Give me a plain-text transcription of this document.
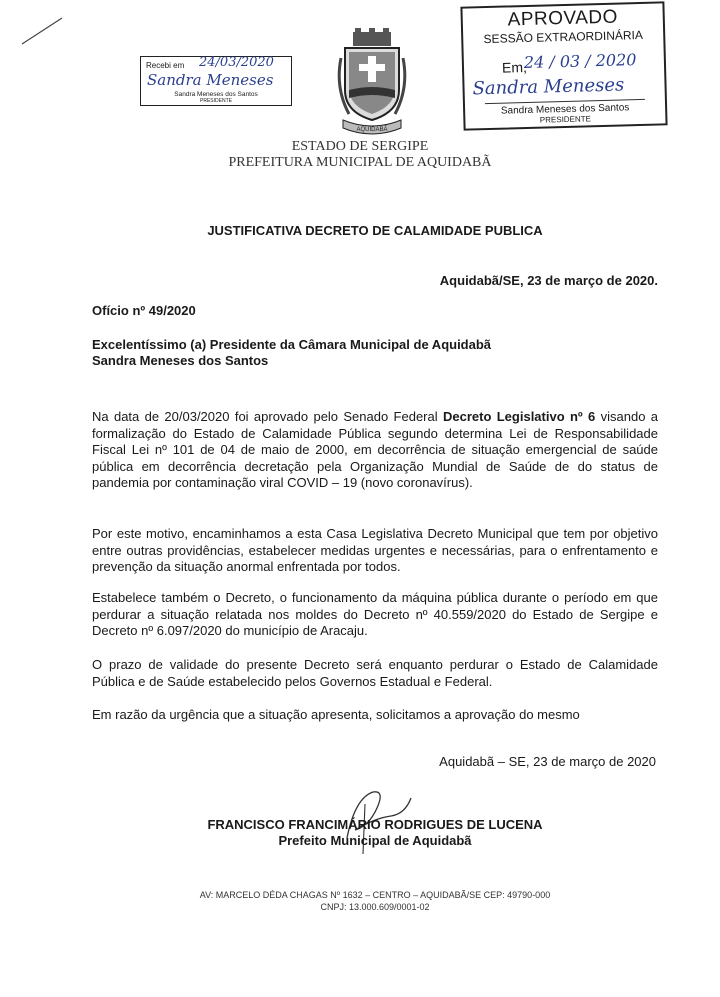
Recebi em 24/03/2020
Sandra Meneses
Sandra Meneses dos Santos
PRESIDENTE
APROVADO
SESSÃO EXTRAORDINÁRIA
Em,
24 / 03 / 2020
Sandra Meneses
Sandra Meneses dos Santos
PRESIDENTE
AQUIDABÃ
ESTADO DE SERGIPE
PREFEITURA MUNICIPAL DE AQUIDABÃ
JUSTIFICATIVA DECRETO DE CALAMIDADE PUBLICA
Aquidabã/SE, 23 de março de 2020.
Ofício nº 49/2020
Excelentíssimo (a) Presidente da Câmara Municipal de Aquidabã
Sandra Meneses dos Santos
Na data de 20/03/2020 foi aprovado pelo Senado Federal Decreto Legislativo nº 6 visando a formalização do Estado de Calamidade Pública segundo determina Lei de Responsabilidade Fiscal Lei nº 101 de 04 de maio de 2000, em decorrência de situação emergencial de saúde pública em decorrência decretação pela Organização Mundial de Saúde de do status de pandemia por contaminação viral COVID – 19 (novo coronavírus).
Por este motivo, encaminhamos a esta Casa Legislativa Decreto Municipal que tem por objetivo entre outras providências, estabelecer medidas urgentes e necessárias, para o enfrentamento e prevenção da situação anormal enfrentada por todos.
Estabelece também o Decreto, o funcionamento da máquina pública durante o período em que perdurar a situação relatada nos moldes do Decreto nº 40.559/2020 do Estado de Sergipe e Decreto nº 6.097/2020 do município de Aracaju.
O prazo de validade do presente Decreto será enquanto perdurar o Estado de Calamidade Pública e de Saúde estabelecido pelos Governos Estadual e Federal.
Em razão da urgência que a situação apresenta, solicitamos a aprovação do mesmo
Aquidabã – SE, 23 de março de 2020
FRANCISCO FRANCIMÁRIO RODRIGUES DE LUCENA
Prefeito Municipal de Aquidabã
AV: MARCELO DÉDA CHAGAS Nº 1632 – CENTRO – AQUIDABÃ/SE CEP: 49790-000
CNPJ: 13.000.609/0001-02
